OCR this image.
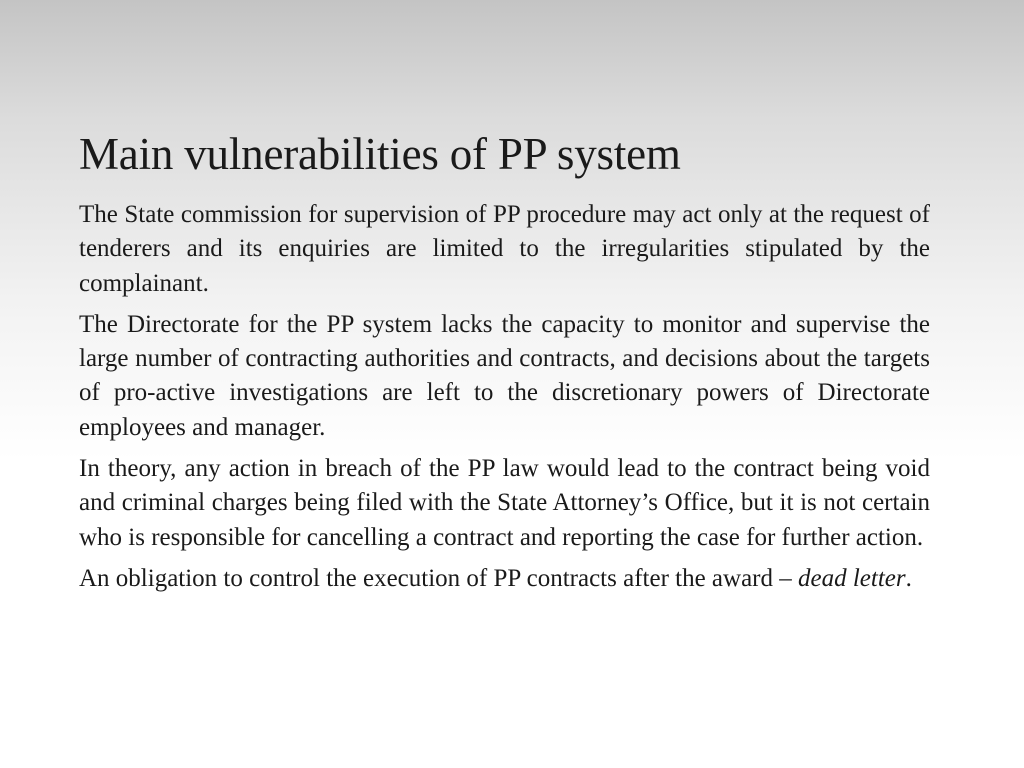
Main vulnerabilities of PP system

The State commission for supervision of PP procedure may act only at the request of tenderers and its enquiries are limited to the irregularities stipulated by the complainant.

The Directorate for the PP system lacks the capacity to monitor and supervise the large number of contracting authorities and contracts, and decisions about the targets of pro-active investigations are left to the discretionary powers of Directorate employees and manager.

In theory, any action in breach of the PP law would lead to the contract being void and criminal charges being filed with the State Attorney’s Office, but it is not certain who is responsible for cancelling a contract and reporting the case for further action.

An obligation to control the execution of PP contracts after the award – dead letter.
